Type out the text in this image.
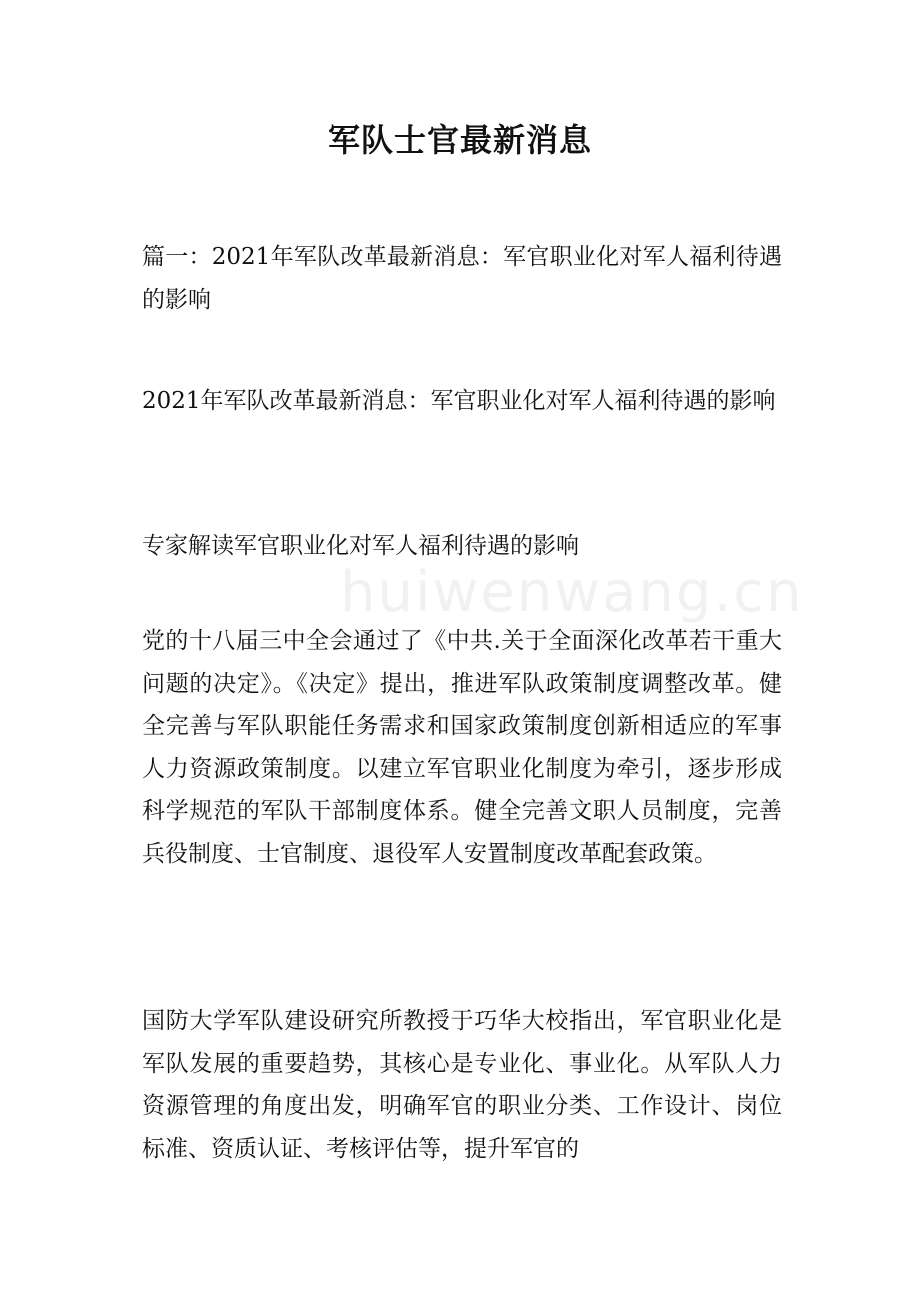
军队士官最新消息
huiwenwang.cn

篇一：2021年军队改革最新消息：军官职业化对军人福利待遇的影响

2021年军队改革最新消息：军官职业化对军人福利待遇的影响

专家解读军官职业化对军人福利待遇的影响

党的十八届三中全会通过了《中共.关于全面深化改革若干重大问题的决定》。《决定》提出，推进军队政策制度调整改革。健全完善与军队职能任务需求和国家政策制度创新相适应的军事人力资源政策制度。以建立军官职业化制度为牵引，逐步形成科学规范的军队干部制度体系。健全完善文职人员制度，完善兵役制度、士官制度、退役军人安置制度改革配套政策。

国防大学军队建设研究所教授于巧华大校指出，军官职业化是军队发展的重要趋势，其核心是专业化、事业化。从军队人力资源管理的角度出发，明确军官的职业分类、工作设计、岗位标准、资质认证、考核评估等，提升军官的
